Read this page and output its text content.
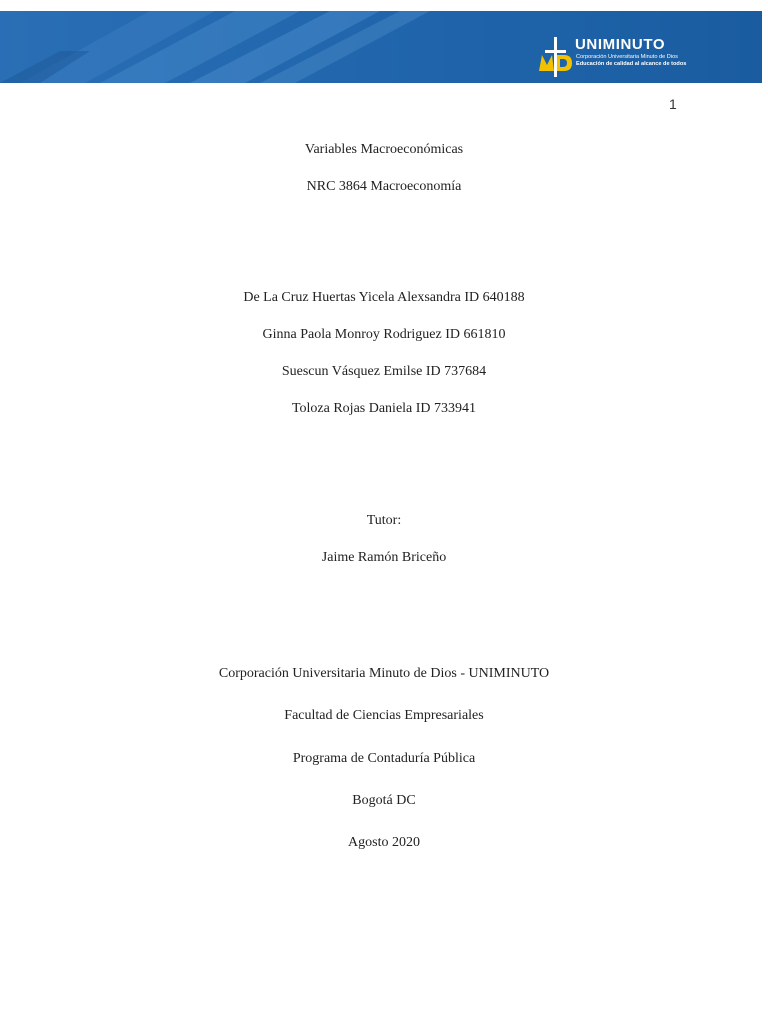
UNIMINUTO
Corporación Universitaria Minuto de Dios
Educación de calidad al alcance de todos
1
Variables Macroeconómicas
NRC 3864 Macroeconomía
De La Cruz Huertas Yicela Alexsandra ID 640188
Ginna Paola Monroy Rodriguez ID 661810
Suescun Vásquez Emilse ID 737684
Toloza Rojas Daniela ID 733941
Tutor:
Jaime Ramón Briceño
Corporación Universitaria Minuto de Dios - UNIMINUTO
Facultad de Ciencias Empresariales
Programa de Contaduría Pública
Bogotá DC
Agosto 2020
